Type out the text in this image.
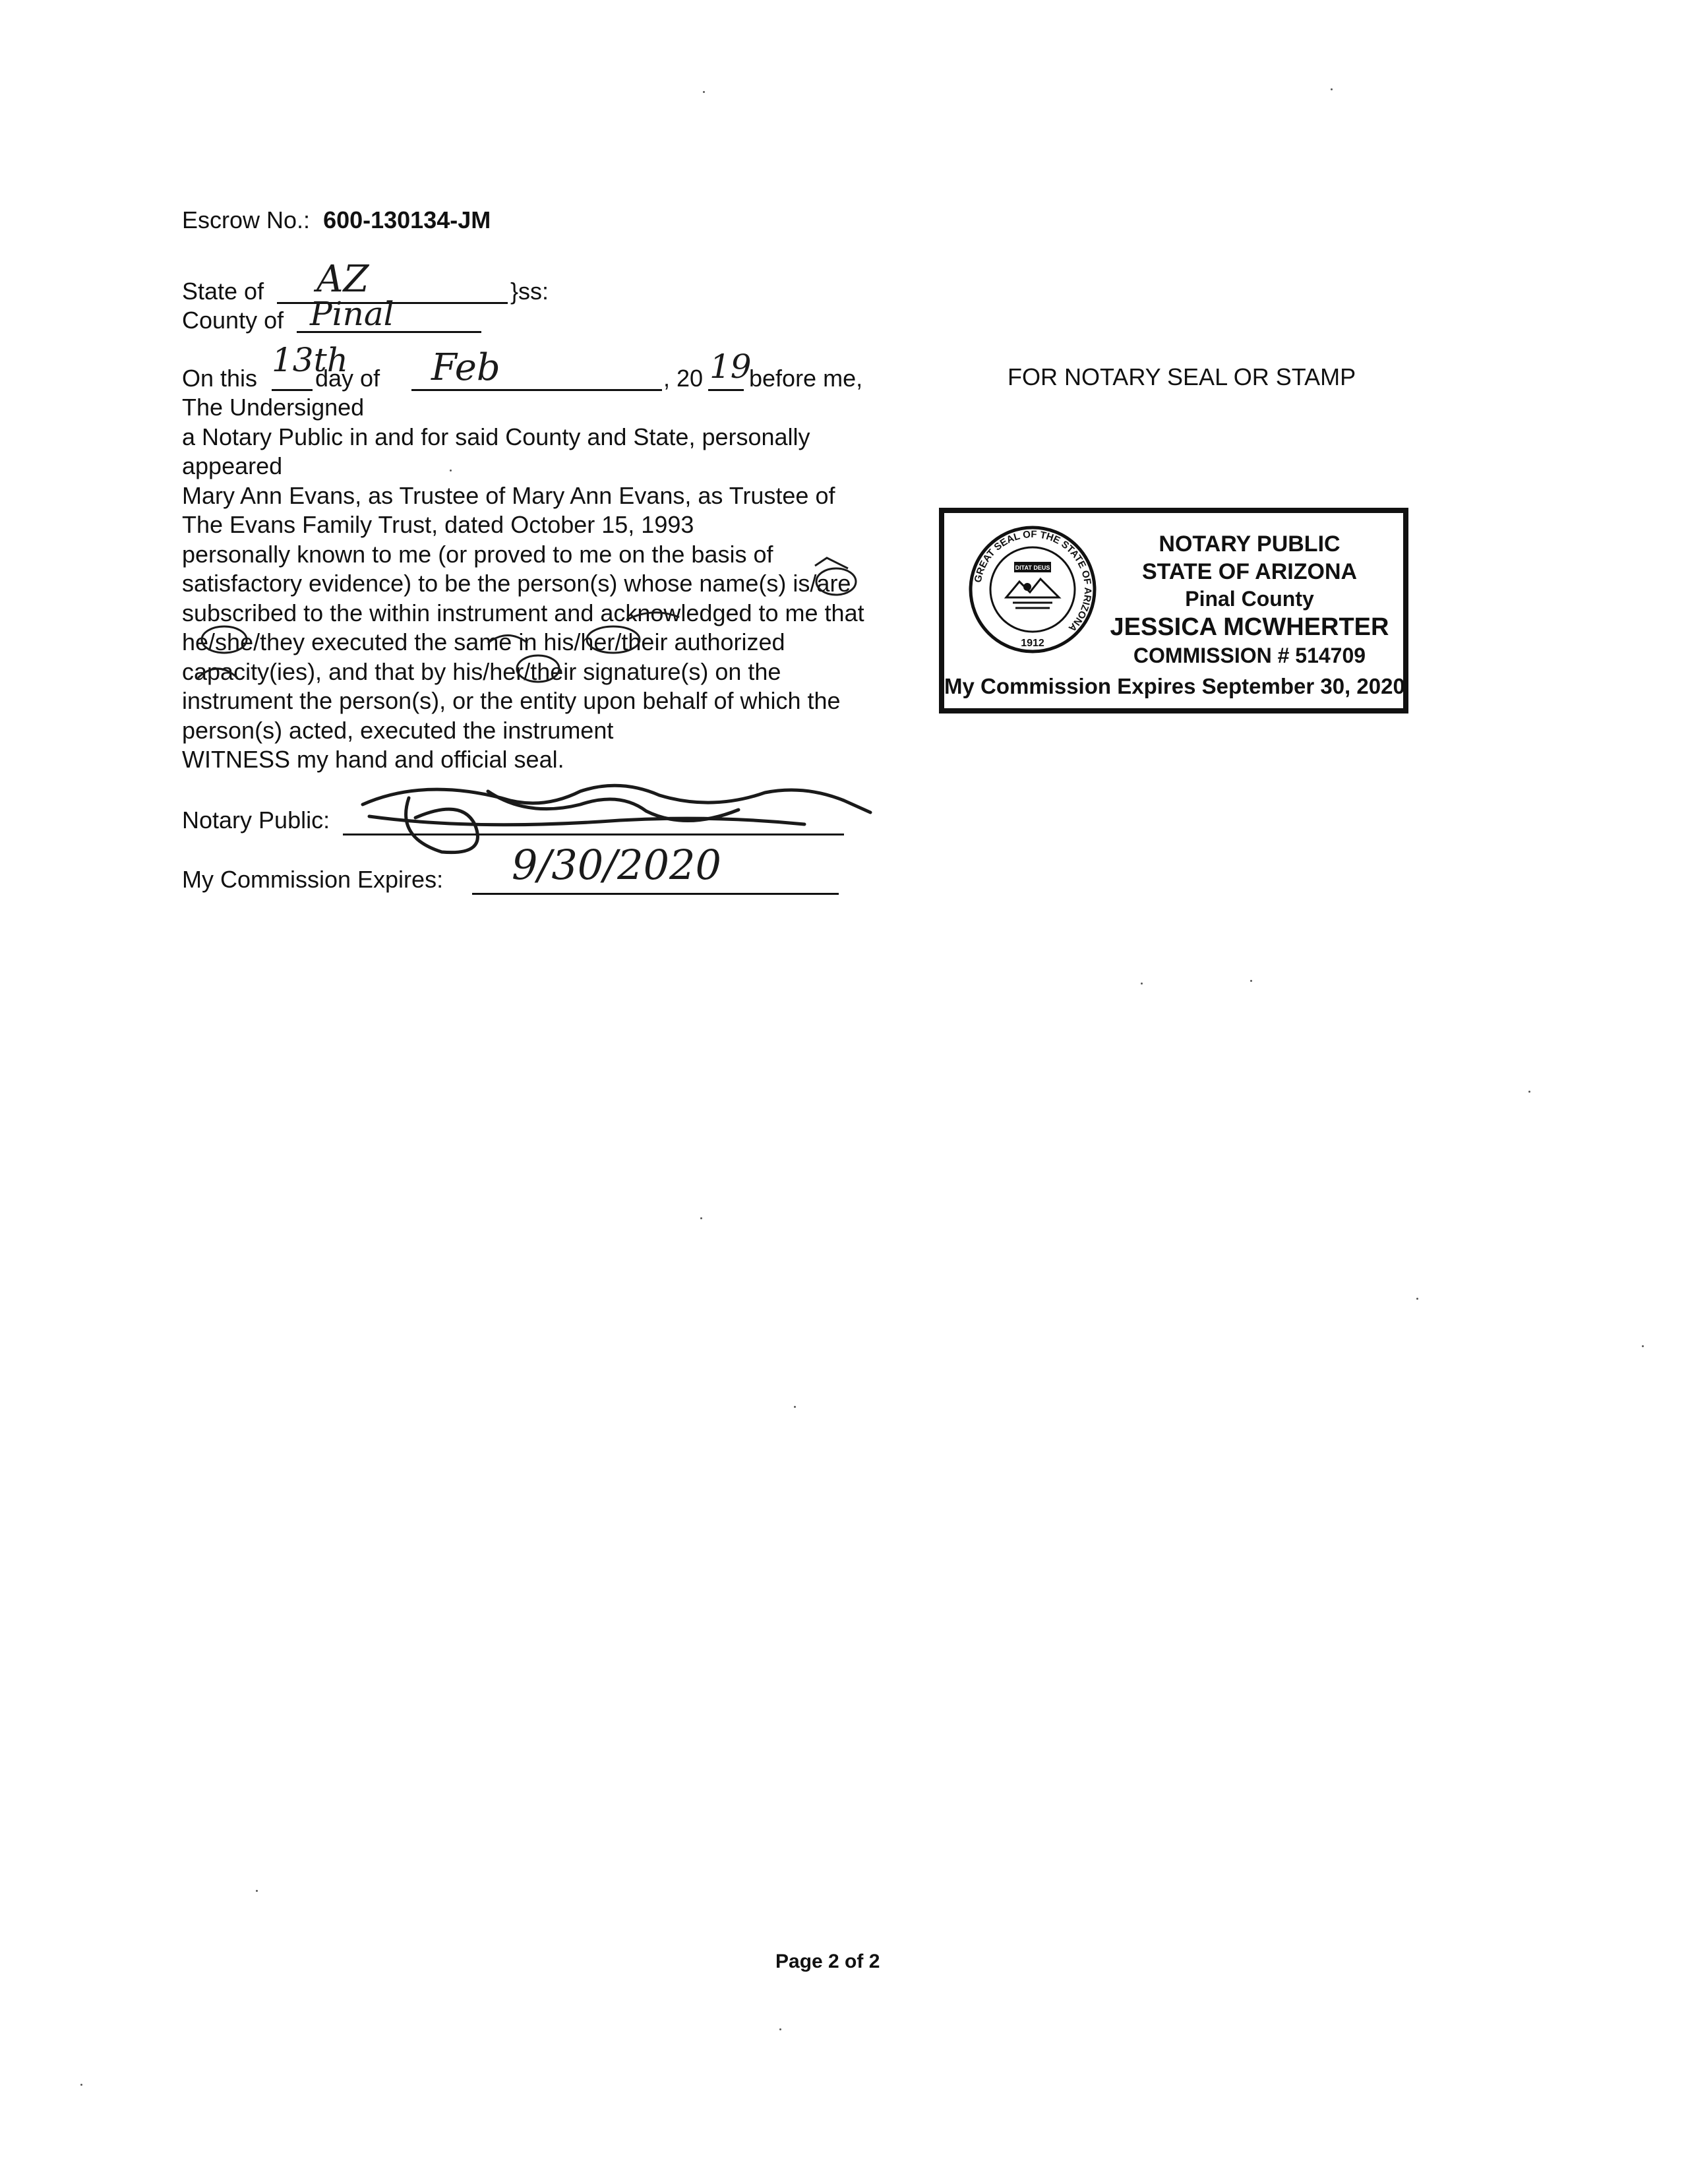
Escrow No.: 600-130134-JM
State of AZ	}ss:
County of Pinal
On this 13th
day of Feb	, 20 19
before me,	FOR NOTARY SEAL OR STAMP
The Undersigned
a Notary Public in and for said County and State, personally
appeared
Mary Ann Evans, as Trustee of Mary Ann Evans, as Trustee of
The Evans Family Trust, dated October 15, 1993
personally known to me (or proved to me on the basis of
satisfactory evidence) to be the person(s) whose name(s) is/are
subscribed to the within instrument and acknowledged to me that
he/she/they executed the same in his/her/their authorized
capacity(ies), and that by his/her/their signature(s) on the
instrument the person(s), or the entity upon behalf of which the
person(s) acted, executed the instrument
WITNESS my hand and official seal.
Notary Public:
My Commission Expires: 9/30/2020
GREAT SEAL OF THE STATE OF ARIZONA
DITAT DEUS
1912
NOTARY PUBLIC
STATE OF ARIZONA
Pinal County
JESSICA MCWHERTER
COMMISSION # 514709
My Commission Expires September 30, 2020
Page 2 of 2
